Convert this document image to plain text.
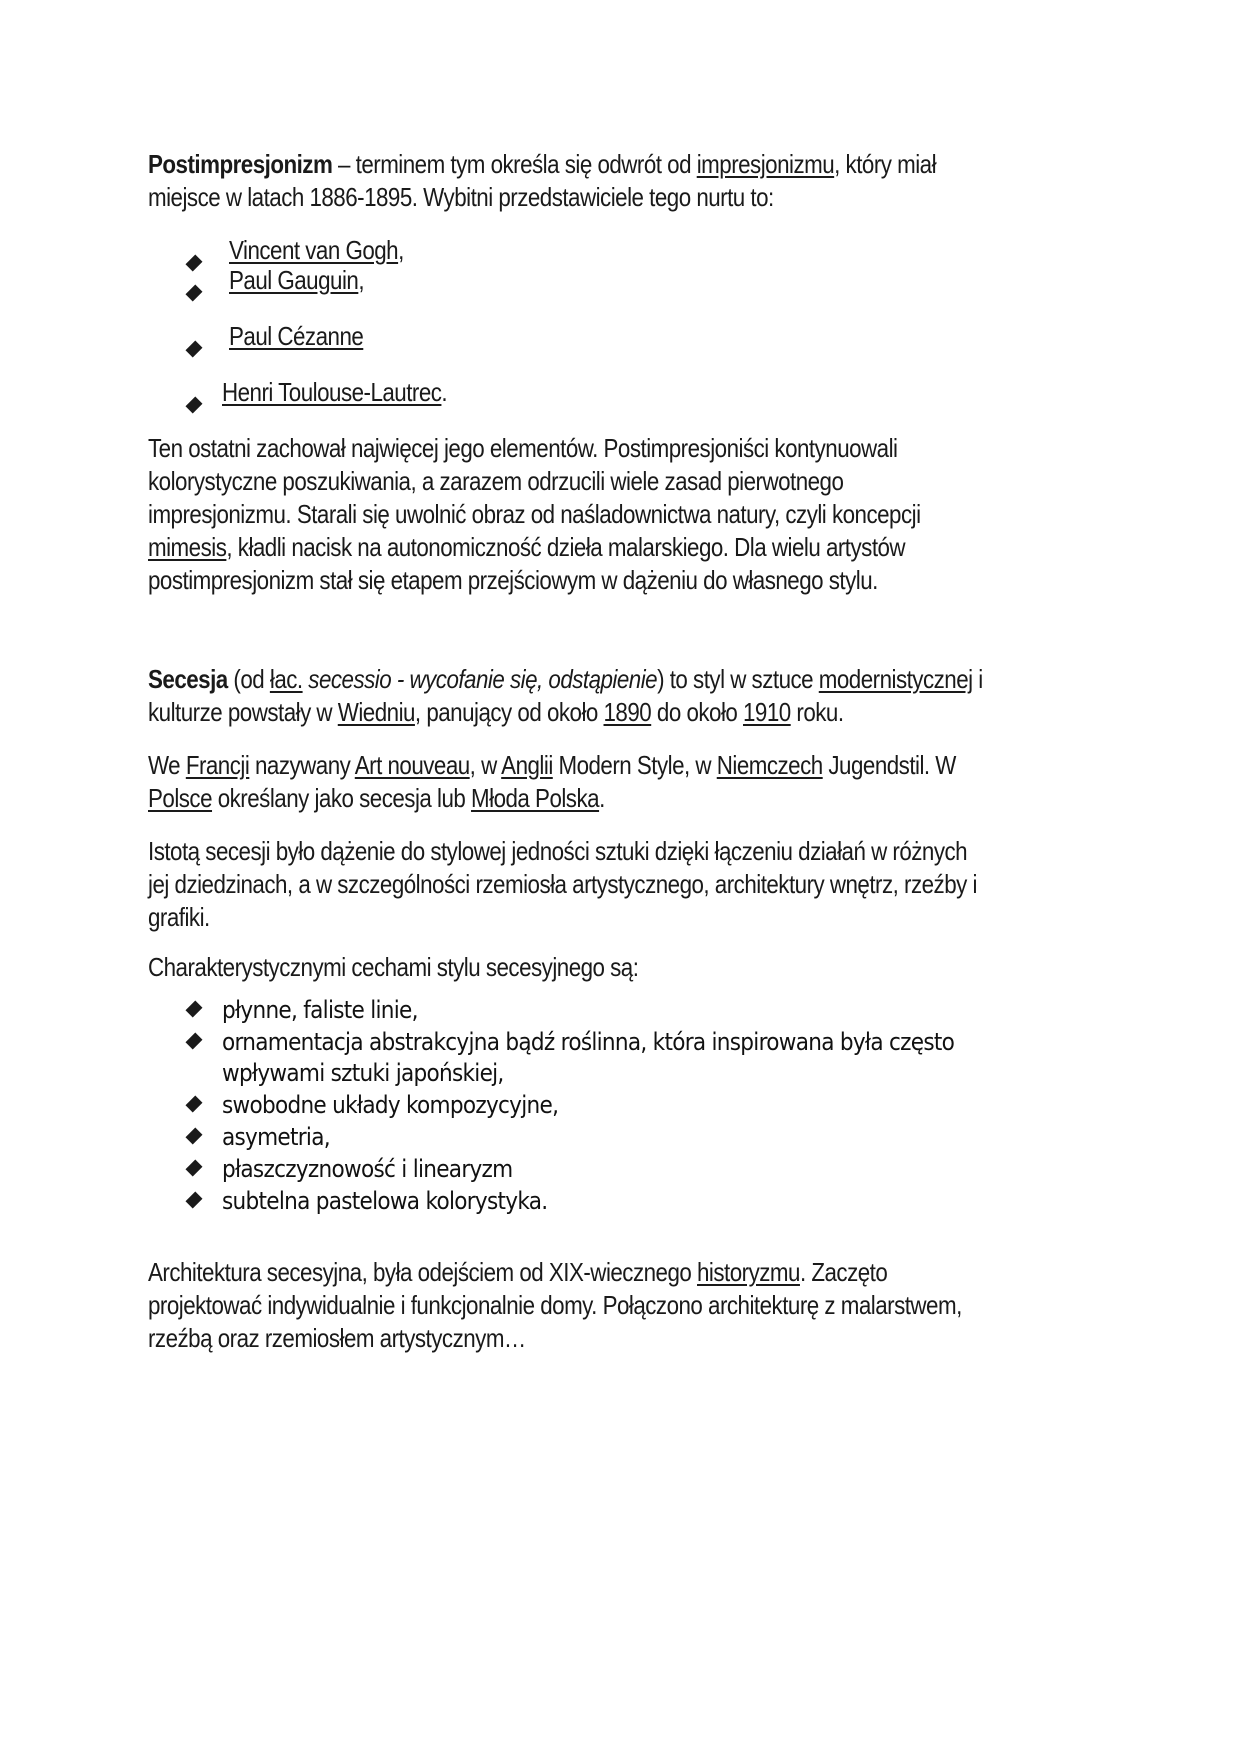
Postimpresjonizm – terminem tym określa się odwrót od impresjonizmu, który miał

miejsce w latach 1886-1895. Wybitni przedstawiciele tego nurtu to:

Vincent van Gogh,
Paul Gauguin,
Paul Cézanne
Henri Toulouse-Lautrec.

Ten ostatni zachował najwięcej jego elementów. Postimpresjoniści kontynuowali

kolorystyczne poszukiwania, a zarazem odrzucili wiele zasad pierwotnego

impresjonizmu. Starali się uwolnić obraz od naśladownictwa natury, czyli koncepcji

mimesis, kładli nacisk na autonomiczność dzieła malarskiego. Dla wielu artystów

postimpresjonizm stał się etapem przejściowym w dążeniu do własnego stylu.

Secesja (od łac. secessio - wycofanie się, odstąpienie) to styl w sztuce modernistycznej i

kulturze powstały w Wiedniu, panujący od około 1890 do około 1910 roku.

We Francji nazywany Art nouveau, w Anglii Modern Style, w Niemczech Jugendstil. W

Polsce określany jako secesja lub Młoda Polska.

Istotą secesji było dążenie do stylowej jedności sztuki dzięki łączeniu działań w różnych

jej dziedzinach, a w szczególności rzemiosła artystycznego, architektury wnętrz, rzeźby i

grafiki.

Charakterystycznymi cechami stylu secesyjnego są:

płynne, faliste linie,
ornamentacja abstrakcyjna bądź roślinna, która inspirowana była często
wpływami sztuki japońskiej,
swobodne układy kompozycyjne,
asymetria,
płaszczyznowość i linearyzm
subtelna pastelowa kolorystyka.

Architektura secesyjna, była odejściem od XIX-wiecznego historyzmu. Zaczęto

projektować indywidualnie i funkcjonalnie domy. Połączono architekturę z malarstwem,

rzeźbą oraz rzemiosłem artystycznym…
